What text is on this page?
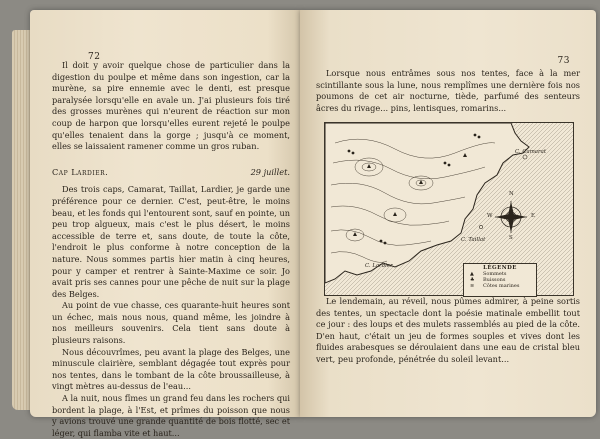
72

Il doit y avoir quelque chose de particulier dans la digestion du poulpe et même dans son ingestion, car la murène, sa pire ennemie avec le denti, est presque paralysée lorsqu'elle en avale un. J'ai plusieurs fois tiré des grosses murènes qui n'eurent de réaction sur mon coup de harpon que lorsqu'elles eurent rejeté le poulpe qu'elles tenaient dans la gorge ; jusqu'à ce moment, elles se laissaient ramener comme un gros ruban.

Cap Lardier.	29 juillet.

Des trois caps, Camarat, Taillat, Lardier, je garde une préférence pour ce dernier. C'est, peut-être, le moins beau, et les fonds qui l'entourent sont, sauf en pointe, un peu trop algueux, mais c'est le plus désert, le moins accessible de terre et, sans doute, de toute la côte, l'endroit le plus conforme à notre conception de la nature. Nous sommes partis hier matin à cinq heures, pour y camper et rentrer à Sainte-Maxime ce soir. Jo avait pris ses cannes pour une pêche de nuit sur la plage des Belges.

Au point de vue chasse, ces quarante-huit heures sont un échec, mais nous nous, quand même, les joindre à nos meilleurs souvenirs. Cela tient sans doute à plusieurs raisons.

Nous découvrîmes, peu avant la plage des Belges, une minuscule clairière, semblant dégagée tout exprès pour nos tentes, dans le tombant de la côte broussailleuse, à vingt mètres au-dessus de l'eau...

A la nuit, nous fîmes un grand feu dans les rochers qui bordent la plage, à l'Est, et prîmes du poisson que nous y avions trouvé une grande quantité de bois flotté, sec et léger, qui flamba vite et haut...

73

Lorsque nous entrâmes sous nos tentes, face à la mer scintillante sous la lune, nous remplîmes une dernière fois nos poumons de cet air nocturne, tiède, parfumé des senteurs âcres du rivage... pins, lentisques, romarins...

C. Camarat
C. Taillat
C. Lardier
N
S
E
W
LÉGENDE
▲	Sommets
♣	Buissons
≋	Côtes marines

Le lendemain, au réveil, nous pûmes admirer, à peine sortis des tentes, un spectacle dont la poésie matinale embellit tout ce jour : des loups et des mulets rassemblés au pied de la côte. D'en haut, c'était un jeu de formes souples et vives dont les fluides arabesques se déroulaient dans une eau de cristal bleu vert, peu profonde, pénétrée du soleil levant...
